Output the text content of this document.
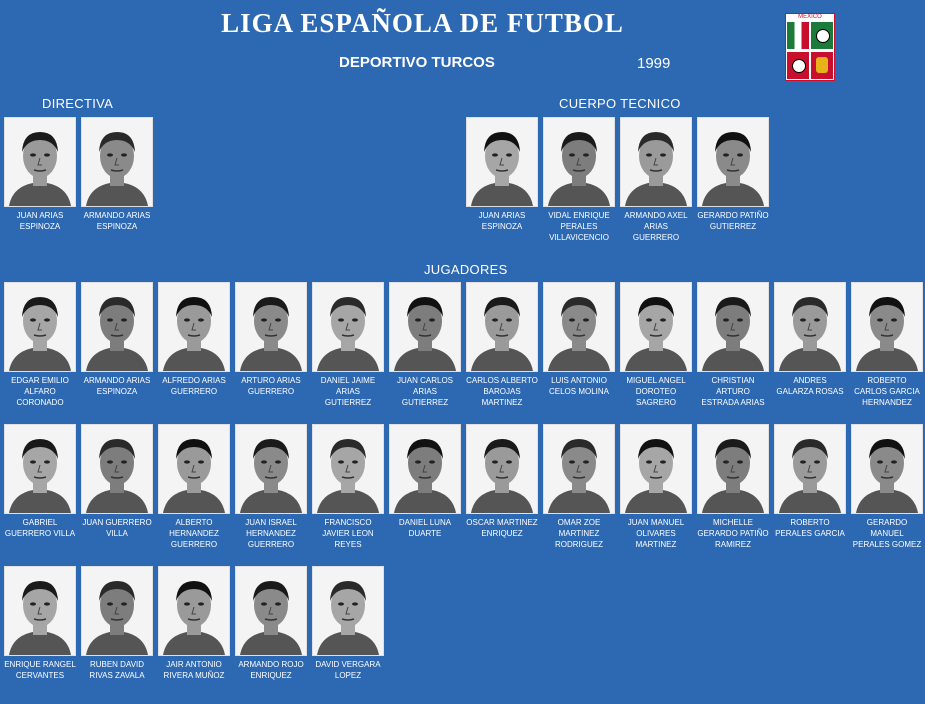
LIGA ESPAÑOLA DE FUTBOL
DEPORTIVO TURCOS	1999
MEXICO
DIRECTIVA	CUERPO TECNICO
JUGADORES
JUAN ARIAS ESPINOZA
ARMANDO ARIAS ESPINOZA
JUAN ARIAS ESPINOZA
VIDAL ENRIQUE PERALES VILLAVICENCIO
ARMANDO AXEL ARIAS GUERRERO
GERARDO PATIÑO GUTIERREZ
EDGAR EMILIO ALFARO CORONADO
ARMANDO ARIAS ESPINOZA
ALFREDO ARIAS GUERRERO
ARTURO ARIAS GUERRERO
DANIEL JAIME ARIAS GUTIERREZ
JUAN CARLOS ARIAS GUTIERREZ
CARLOS ALBERTO BAROJAS MARTINEZ
LUIS ANTONIO CELOS MOLINA
MIGUEL ANGEL DOROTEO SAGRERO
CHRISTIAN ARTURO ESTRADA ARIAS
ANDRES GALARZA ROSAS
ROBERTO CARLOS GARCIA HERNANDEZ
GABRIEL GUERRERO VILLA
JUAN GUERRERO VILLA
ALBERTO HERNANDEZ GUERRERO
JUAN ISRAEL HERNANDEZ GUERRERO
FRANCISCO JAVIER LEON REYES
DANIEL LUNA DUARTE
OSCAR MARTINEZ ENRIQUEZ
OMAR ZOE MARTINEZ RODRIGUEZ
JUAN MANUEL OLIVARES MARTINEZ
MICHELLE GERARDO PATIÑO RAMIREZ
ROBERTO PERALES GARCIA
GERARDO MANUEL PERALES GOMEZ
ENRIQUE RANGEL CERVANTES
RUBEN DAVID RIVAS ZAVALA
JAIR ANTONIO RIVERA MUÑOZ
ARMANDO ROJO ENRIQUEZ
DAVID VERGARA LOPEZ
